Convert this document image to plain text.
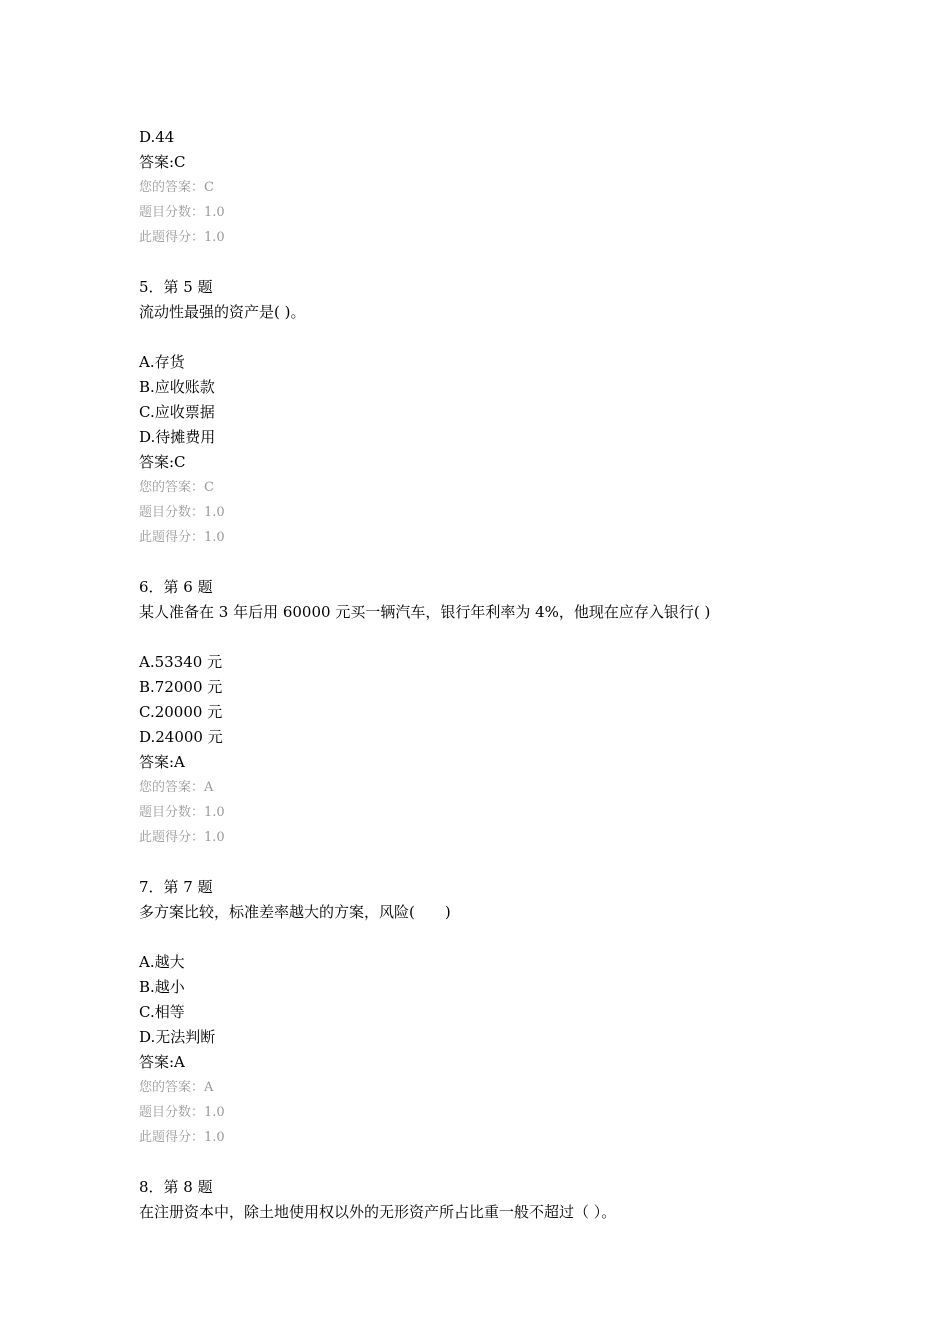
D.44
答案:C
您的答案：C
题目分数：1.0
此题得分：1.0
5．第 5 题
流动性最强的资产是( )。
A.存货
B.应收账款
C.应收票据
D.待摊费用
答案:C
您的答案：C
题目分数：1.0
此题得分：1.0
6．第 6 题
某人准备在 3 年后用 60000 元买一辆汽车，银行年利率为 4%，他现在应存入银行( )
A.53340 元
B.72000 元
C.20000 元
D.24000 元
答案:A
您的答案：A
题目分数：1.0
此题得分：1.0
7．第 7 题
多方案比较，标准差率越大的方案，风险(　　)
A.越大
B.越小
C.相等
D.无法判断
答案:A
您的答案：A
题目分数：1.0
此题得分：1.0
8．第 8 题
在注册资本中，除土地使用权以外的无形资产所占比重一般不超过（ ）。
